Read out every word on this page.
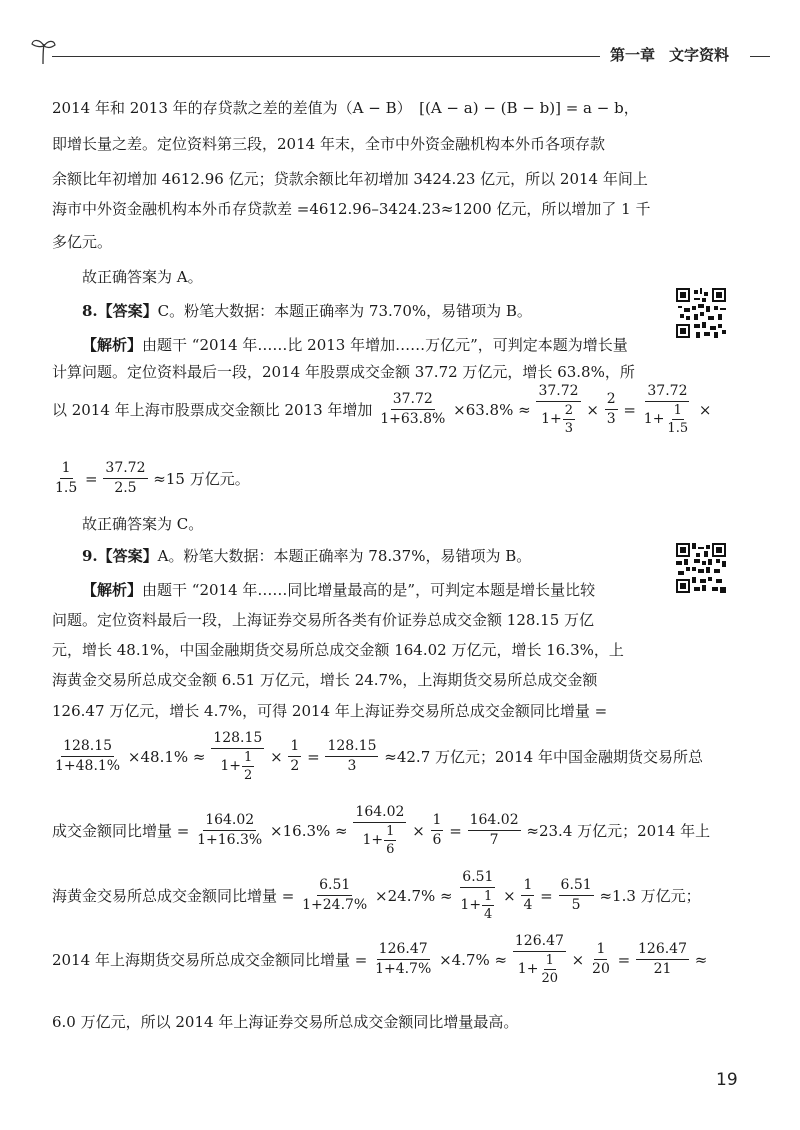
第一章 文字资料
2014 年和 2013 年的存贷款之差的差值为（A − B）　[(A − a) − (B − b)] = a − b，
即增长量之差。定位资料第三段，2014 年末，全市中外资金融机构本外币各项存款
余额比年初增加 4612.96 亿元；贷款余额比年初增加 3424.23 亿元，所以 2014 年间上
海市中外资金融机构本外币存贷款差 =4612.96–3424.23≈1200 亿元，所以增加了 1 千
多亿元。
故正确答案为 A。
8.【答案】C。粉笔大数据：本题正确率为 73.70%，易错项为 B。
【解析】由题干 “2014 年……比 2013 年增加……万亿元”，可判定本题为增长量
计算问题。定位资料最后一段，2014 年股票成交金额 37.72 万亿元，增长 63.8%，所
以 2014 年上海市股票成交金额比 2013 年增加 $\frac{37.72}{1+63.8\%} \times 63.8\% \approx \frac{37.72}{1+ \frac{2}{3}} \times \frac{2}{3} = \frac{37.72}{1+ \frac{1}{1.5}}$ ×
$\frac{1}{1.5} = \frac{37.72}{2.5} \approx 15$ 万亿元。
故正确答案为 C。
9.【答案】A。粉笔大数据：本题正确率为 78.37%，易错项为 B。
【解析】由题干 “2014 年……同比增量最高的是”，可判定本题是增长量比较
问题。定位资料最后一段，上海证券交易所各类有价证券总成交金额 128.15 万亿
元，增长 48.1%，中国金融期货交易所总成交金额 164.02 万亿元，增长 16.3%，上
海黄金交易所总成交金额 6.51 万亿元，增长 24.7%，上海期货交易所总成交金额
126.47 万亿元，增长 4.7%，可得 2014 年上海证券交易所总成交金额同比增量 =
$\frac{128.15}{1+48.1\%} \times 48.1\% \approx \frac{128.15}{1+ \frac{1}{2}} \times \frac{1}{2} = \frac{128.15}{3} \approx 42.7$ 万亿元；2014 年中国金融期货交易所总
成交金额同比增量 = $\frac{164.02}{1+16.3\%} \times 16.3\% \approx \frac{164.02}{1+ \frac{1}{6}} \times \frac{1}{6} = \frac{164.02}{7} \approx 23.4$ 万亿元；2014 年上
海黄金交易所总成交金额同比增量 = $\frac{6.51}{1+24.7\%} \times 24.7\% \approx \frac{6.51}{1+ \frac{1}{4}} \times \frac{1}{4} = \frac{6.51}{5} \approx 1.3$ 万亿元；
2014 年上海期货交易所总成交金额同比增量 = $\frac{126.47}{1+4.7\%} \times 4.7\% \approx \frac{126.47}{1+ \frac{1}{20}} \times \frac{1}{20} = \frac{126.47}{21}$ ≈
6.0 万亿元，所以 2014 年上海证券交易所总成交金额同比增量最高。
19
